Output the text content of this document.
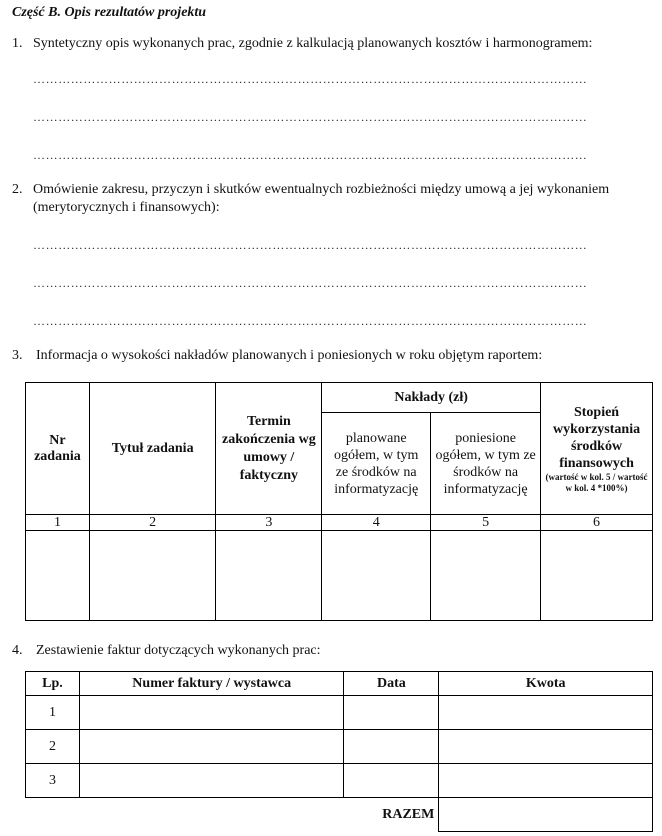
Część B. Opis rezultatów projektu
1. Syntetyczny opis wykonanych prac, zgodnie z kalkulacją planowanych kosztów i harmonogramem:
……………………………………………………………………………………………………………………
……………………………………………………………………………………………………………………
……………………………………………………………………………………………………………………
2. Omówienie zakresu, przyczyn i skutków ewentualnych rozbieżności między umową a jej wykonaniem
(merytorycznych i finansowych):
……………………………………………………………………………………………………………………
……………………………………………………………………………………………………………………
……………………………………………………………………………………………………………………
3. Informacja o wysokości nakładów planowanych i poniesionych w roku objętym raportem:
Nr zadania	Tytuł zadania	Termin zakończenia wg umowy / faktyczny	Nakłady (zł)		Stopień wykorzystania środków finansowych
(wartość w kol. 5 / wartość w kol. 4 *100%)

			planowane ogółem, w tym ze środków na informatyzację	poniesione ogółem, w tym ze środków na informatyzację	
1	2	3	4	5	6

4. Zestawienie faktur dotyczących wykonanych prac:
Lp.	Numer faktury / wystawca	Data	Kwota
1			
2			
3			
		RAZEM	
